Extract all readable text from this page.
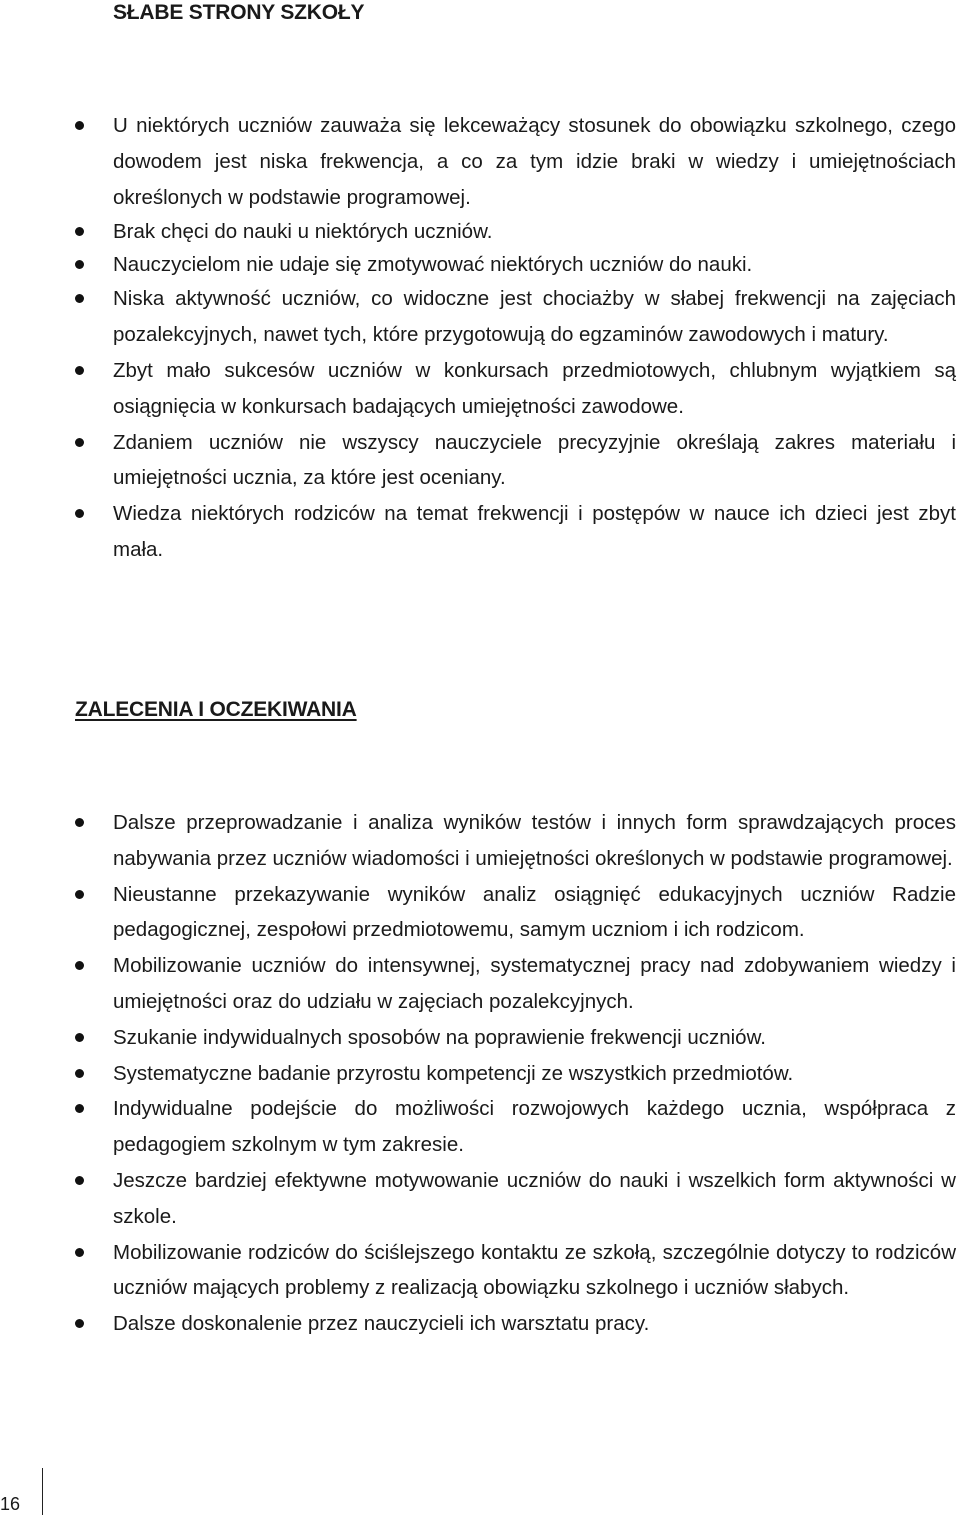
SŁABE STRONY SZKOŁY
U niektórych uczniów zauważa się lekceważący stosunek do obowiązku szkolnego, czego dowodem jest niska frekwencja, a co za tym idzie braki w wiedzy i umiejętnościach określonych w podstawie programowej.
Brak chęci do nauki u niektórych uczniów.
Nauczycielom nie udaje się zmotywować niektórych uczniów do nauki.
Niska aktywność uczniów, co widoczne jest chociażby w słabej frekwencji na zajęciach pozalekcyjnych, nawet tych, które przygotowują do egzaminów zawodowych i matury.
Zbyt mało sukcesów uczniów w konkursach przedmiotowych, chlubnym wyjątkiem są osiągnięcia w konkursach badających umiejętności zawodowe.
Zdaniem uczniów nie wszyscy nauczyciele precyzyjnie określają zakres materiału i umiejętności ucznia, za które jest oceniany.
Wiedza niektórych rodziców na temat frekwencji i postępów w nauce ich dzieci jest zbyt mała.
ZALECENIA I OCZEKIWANIA
Dalsze przeprowadzanie i analiza wyników testów i innych form sprawdzających proces nabywania przez uczniów wiadomości i umiejętności określonych w podstawie programowej.
Nieustanne przekazywanie wyników analiz osiągnięć edukacyjnych uczniów Radzie pedagogicznej, zespołowi przedmiotowemu, samym uczniom i ich rodzicom.
Mobilizowanie uczniów do intensywnej, systematycznej pracy nad zdobywaniem wiedzy i umiejętności oraz do udziału w zajęciach pozalekcyjnych.
Szukanie indywidualnych sposobów na poprawienie frekwencji uczniów.
Systematyczne badanie przyrostu kompetencji ze wszystkich przedmiotów.
Indywidualne podejście do możliwości rozwojowych każdego ucznia, współpraca z pedagogiem szkolnym w tym zakresie.
Jeszcze bardziej efektywne motywowanie uczniów do nauki i wszelkich form aktywności w szkole.
Mobilizowanie rodziców do ściślejszego kontaktu ze szkołą, szczególnie dotyczy to rodziców uczniów mających problemy z realizacją obowiązku szkolnego i uczniów słabych.
Dalsze doskonalenie przez nauczycieli ich warsztatu pracy.
16
